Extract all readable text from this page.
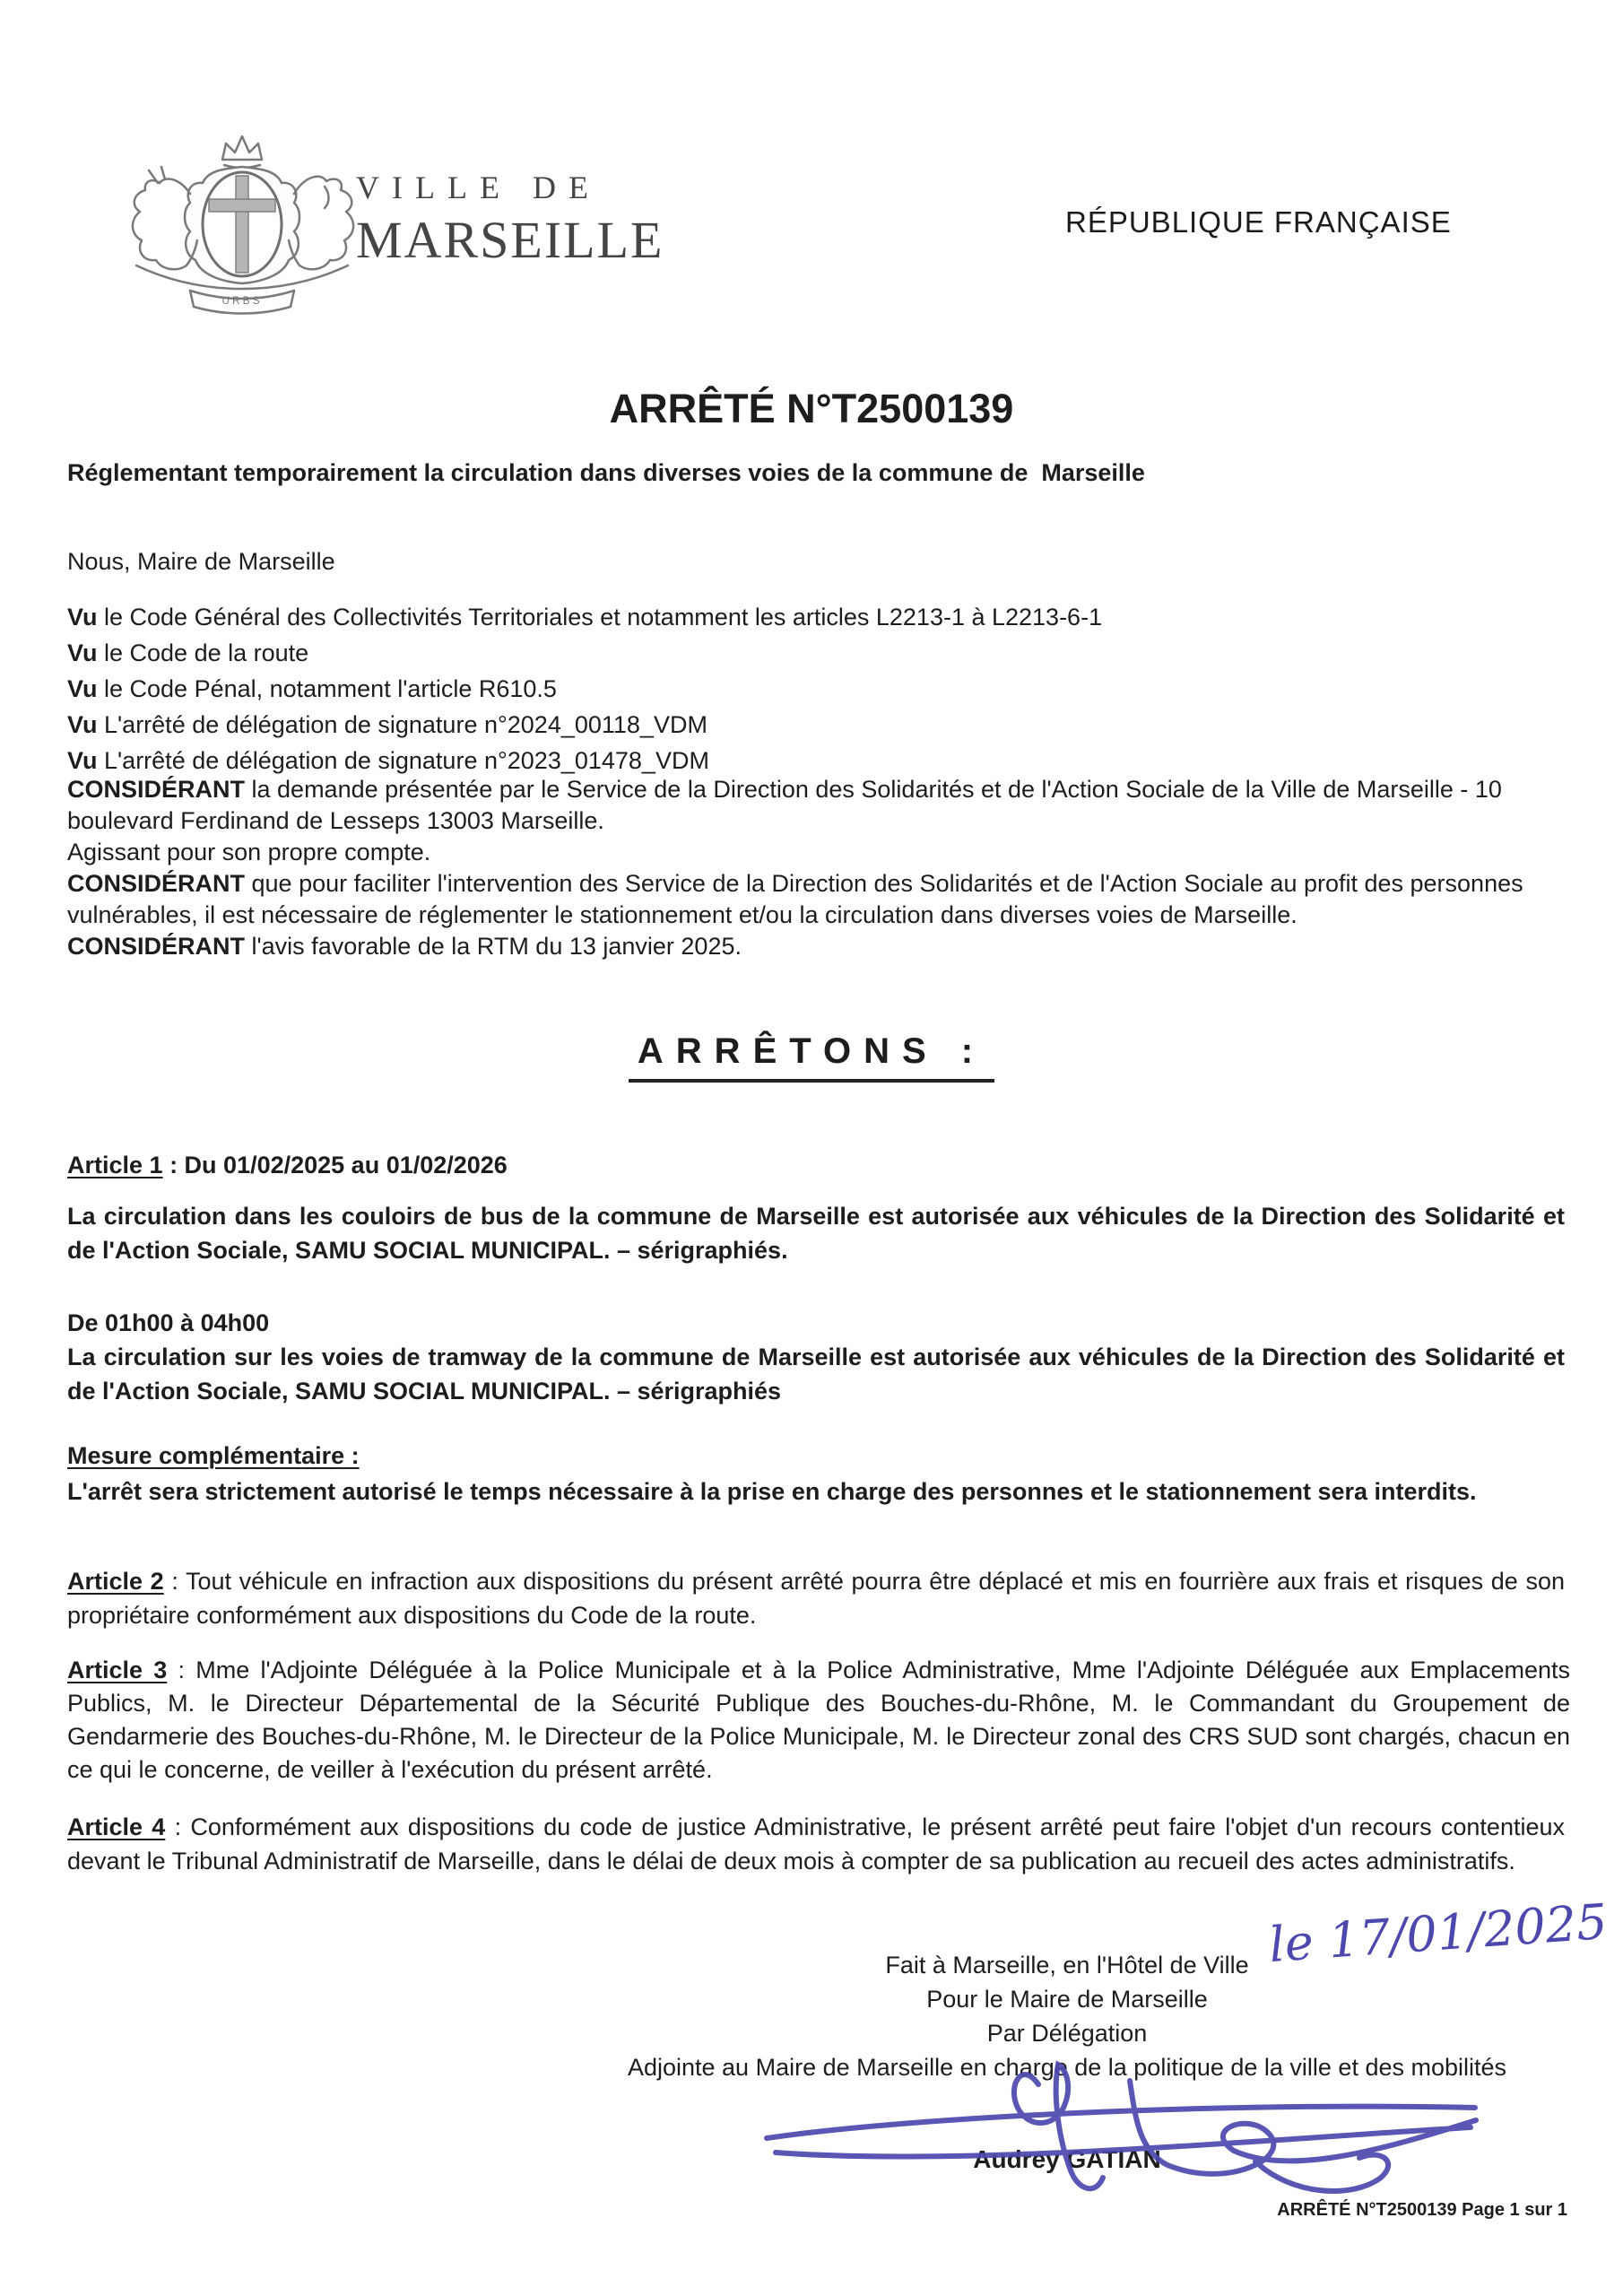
URBS
VILLE DE
MARSEILLE	RÉPUBLIQUE FRANÇAISE
ARRÊTÉ N°T2500139

Réglementant temporairement la circulation dans diverses voies de la commune de  Marseille

Nous, Maire de Marseille

Vu le Code Général des Collectivités Territoriales et notamment les articles L2213-1 à L2213-6-1

Vu le Code de la route

Vu le Code Pénal, notamment l'article R610.5

Vu L'arrêté de délégation de signature n°2024_00118_VDM

Vu L'arrêté de délégation de signature n°2023_01478_VDM

CONSIDÉRANT la demande présentée par le Service de la Direction des Solidarités et de l'Action Sociale de la Ville de Marseille - 10 boulevard Ferdinand de Lesseps 13003 Marseille.

Agissant pour son propre compte.

CONSIDÉRANT que pour faciliter l'intervention des Service de la Direction des Solidarités et de l'Action Sociale au profit des personnes vulnérables, il est nécessaire de réglementer le stationnement et/ou la circulation dans diverses voies de Marseille.

CONSIDÉRANT l'avis favorable de la RTM du 13 janvier 2025.

ARRÊTONS :

Article 1 : Du 01/02/2025 au 01/02/2026

La circulation dans les couloirs de bus de la commune de Marseille est autorisée aux véhicules de la Direction des Solidarité et de l'Action Sociale, SAMU SOCIAL MUNICIPAL. – sérigraphiés.

De 01h00 à 04h00

La circulation sur les voies de tramway de la commune de Marseille est autorisée aux véhicules de la Direction des Solidarité et de l'Action Sociale, SAMU SOCIAL MUNICIPAL. – sérigraphiés

Mesure complémentaire :

L'arrêt sera strictement autorisé le temps nécessaire à la prise en charge des personnes et le stationnement sera interdits.

Article 2 : Tout véhicule en infraction aux dispositions du présent arrêté pourra être déplacé et mis en fourrière aux frais et risques de son propriétaire conformément aux dispositions du Code de la route.

Article 3 : Mme l'Adjointe Déléguée à la Police Municipale et à la Police Administrative, Mme l'Adjointe Déléguée aux Emplacements Publics, M. le Directeur Départemental de la Sécurité Publique des Bouches-du-Rhône, M. le Commandant du Groupement de Gendarmerie des Bouches-du-Rhône, M. le Directeur de la Police Municipale, M. le Directeur zonal des CRS SUD sont chargés, chacun en ce qui le concerne, de veiller à l'exécution du présent arrêté.

Article 4 : Conformément aux dispositions du code de justice Administrative, le présent arrêté peut faire l'objet d'un recours contentieux devant le Tribunal Administratif de Marseille, dans le délai de deux mois à compter de sa publication au recueil des actes administratifs.

Fait à Marseille, en l'Hôtel de Ville

Pour le Maire de Marseille

Par Délégation

Adjointe au Maire de Marseille en charge de la politique de la ville et des mobilités

le 17/01/2025

Audrey GATIAN

ARRÊTÉ N°T2500139 Page 1 sur 1
